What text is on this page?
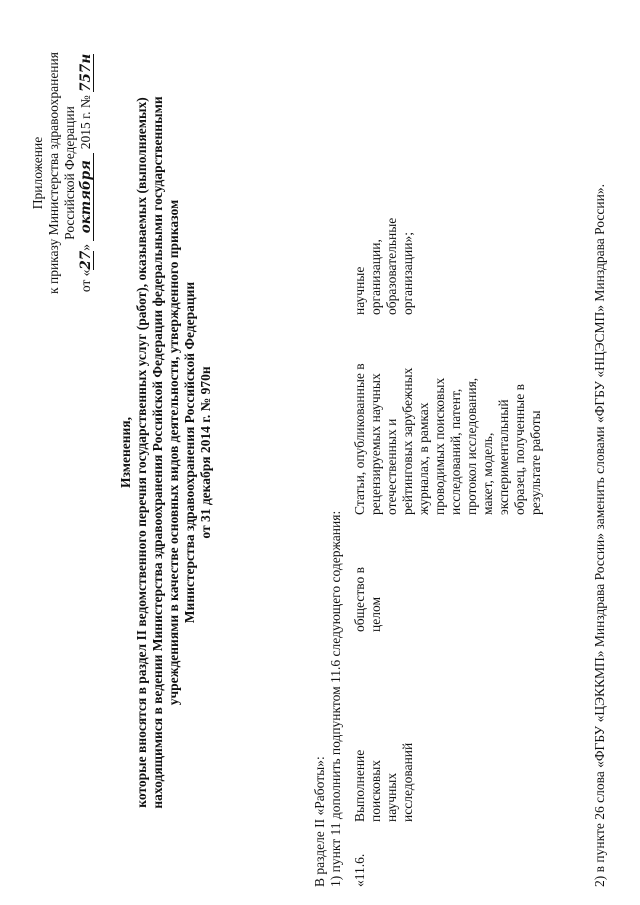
Приложение к приказу Министерства здравоохранения Российской Федерации
от «27» октября 2015 г. № 757н
Изменения, которые вносятся в раздел II ведомственного перечня государственных услуг (работ), оказываемых (выполняемых) находящимися в ведении Министерства здравоохранения Российской Федерации федеральными государственными учреждениями в качестве основных видов деятельности, утвержденного приказом Министерства здравоохранения Российской Федерации от 31 декабря 2014 г. № 970н
В разделе II «Работы»: 1) пункт 11 дополнить подпунктом 11.6 следующего содержания: «11.6.
Выполнение поисковых научных исследований
общество в целом
Статьи, опубликованные в рецензируемых научных отечественных и рейтинговых зарубежных журналах, в рамках проводимых поисковых исследований, патент, протокол исследования, макет, модель, экспериментальный образец, полученные в результате работы
научные организации, образовательные организации»;	2) в пункте 26 слова «ФГБУ «ЦЭККМП» Минздрава России» заменить словами «ФГБУ «НЦЭСМП» Минздрава России».
